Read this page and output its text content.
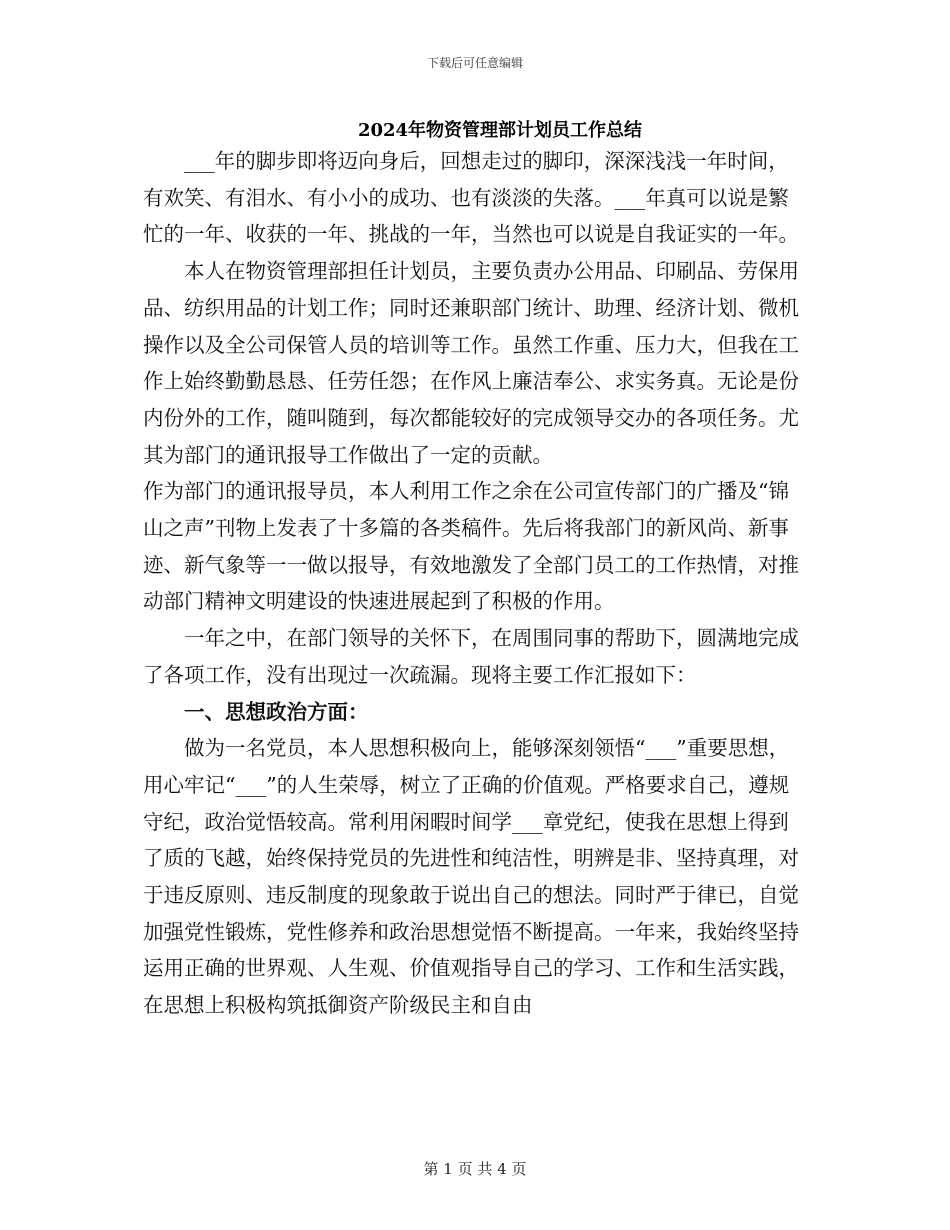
下载后可任意编辑
2024年物资管理部计划员工作总结

___年的脚步即将迈向身后，回想走过的脚印，深深浅浅一年时间，有欢笑、有泪水、有小小的成功、也有淡淡的失落。___年真可以说是繁忙的一年、收获的一年、挑战的一年，当然也可以说是自我证实的一年。

本人在物资管理部担任计划员，主要负责办公用品、印刷品、劳保用品、纺织用品的计划工作；同时还兼职部门统计、助理、经济计划、微机操作以及全公司保管人员的培训等工作。虽然工作重、压力大，但我在工作上始终勤勤恳恳、任劳任怨；在作风上廉洁奉公、求实务真。无论是份内份外的工作，随叫随到，每次都能较好的完成领导交办的各项任务。尤其为部门的通讯报导工作做出了一定的贡献。

作为部门的通讯报导员，本人利用工作之余在公司宣传部门的广播及“锦山之声”刊物上发表了十多篇的各类稿件。先后将我部门的新风尚、新事迹、新气象等一一做以报导，有效地激发了全部门员工的工作热情，对推动部门精神文明建设的快速进展起到了积极的作用。

一年之中，在部门领导的关怀下，在周围同事的帮助下，圆满地完成了各项工作，没有出现过一次疏漏。现将主要工作汇报如下：

一、思想政治方面：

做为一名党员，本人思想积极向上，能够深刻领悟“___”重要思想，用心牢记“___”的人生荣辱，树立了正确的价值观。严格要求自己，遵规守纪，政治觉悟较高。常利用闲暇时间学___章党纪，使我在思想上得到了质的飞越，始终保持党员的先进性和纯洁性，明辨是非、坚持真理，对于违反原则、违反制度的现象敢于说出自己的想法。同时严于律已，自觉加强党性锻炼，党性修养和政治思想觉悟不断提高。一年来，我始终坚持运用正确的世界观、人生观、价值观指导自己的学习、工作和生活实践，在思想上积极构筑抵御资产阶级民主和自由

第 1 页 共 4 页
